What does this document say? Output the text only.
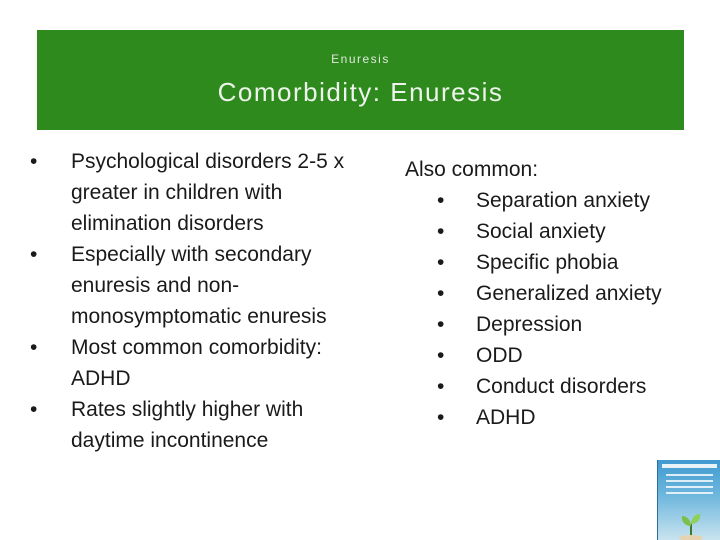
Enuresis
Comorbidity: Enuresis
• Psychological disorders 2-5 x greater in children with elimination disorders
• Especially with secondary enuresis and non-monosymptomatic enuresis
• Most common comorbidity: ADHD
• Rates slightly higher with daytime incontinence

Also common:

• Separation anxiety
• Social anxiety
• Specific phobia
• Generalized anxiety
• Depression
• ODD
• Conduct disorders
• ADHD
